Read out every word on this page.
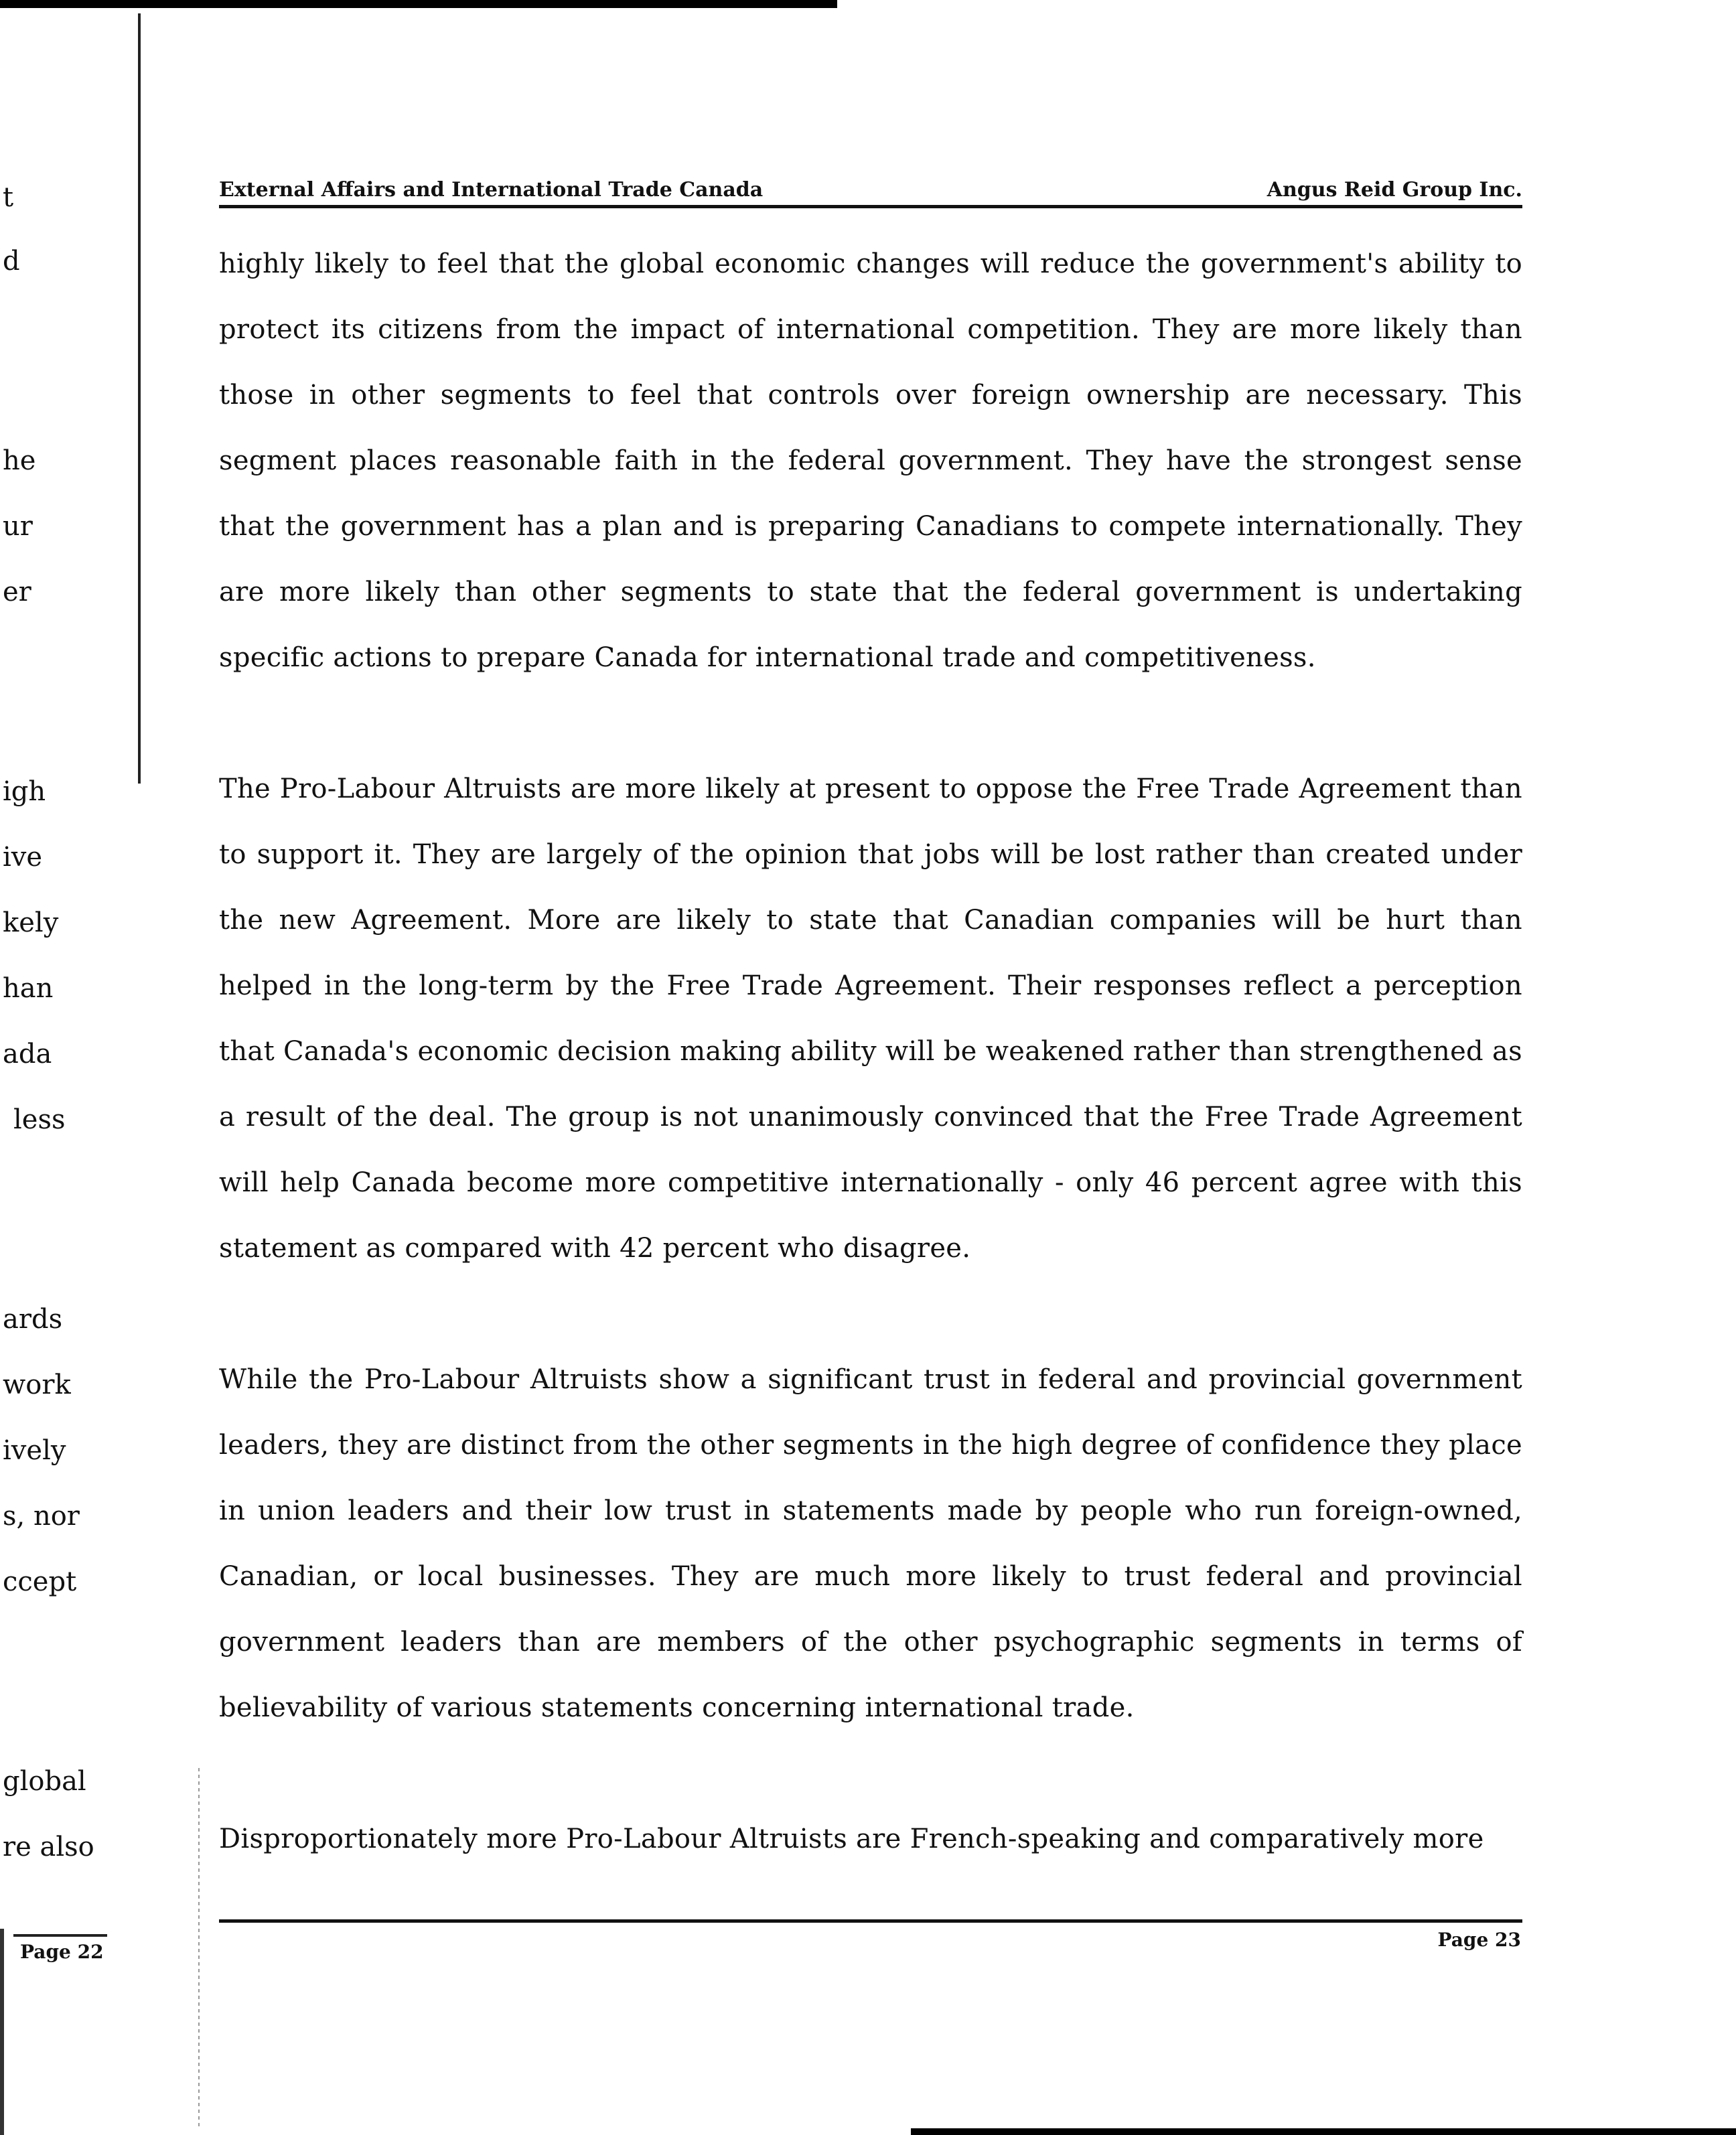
t
d
he
ur
er
igh
ive
kely
han
ada
less
ards
work
ively
s, nor
ccept
global
re also
Page 22
External Affairs and International Trade Canada	Angus Reid Group Inc.

highly likely to feel that the global economic changes will reduce the government's ability to protect its citizens from the impact of international competition. They are more likely than those in other segments to feel that controls over foreign ownership are necessary. This segment places reasonable faith in the federal government. They have the strongest sense that the government has a plan and is preparing Canadians to compete internationally. They are more likely than other segments to state that the federal government is undertaking specific actions to prepare Canada for international trade and competitiveness.

The Pro-Labour Altruists are more likely at present to oppose the Free Trade Agreement than to support it. They are largely of the opinion that jobs will be lost rather than created under the new Agreement. More are likely to state that Canadian companies will be hurt than helped in the long-term by the Free Trade Agreement. Their responses reflect a perception that Canada's economic decision making ability will be weakened rather than strengthened as a result of the deal. The group is not unanimously convinced that the Free Trade Agreement will help Canada become more competitive internationally - only 46 percent agree with this statement as compared with 42 percent who disagree.

While the Pro-Labour Altruists show a significant trust in federal and provincial government leaders, they are distinct from the other segments in the high degree of confidence they place in union leaders and their low trust in statements made by people who run foreign-owned, Canadian, or local businesses. They are much more likely to trust federal and provincial government leaders than are members of the other psychographic segments in terms of believability of various statements concerning international trade.

Disproportionately more Pro-Labour Altruists are French-speaking and comparatively more

Page 23
